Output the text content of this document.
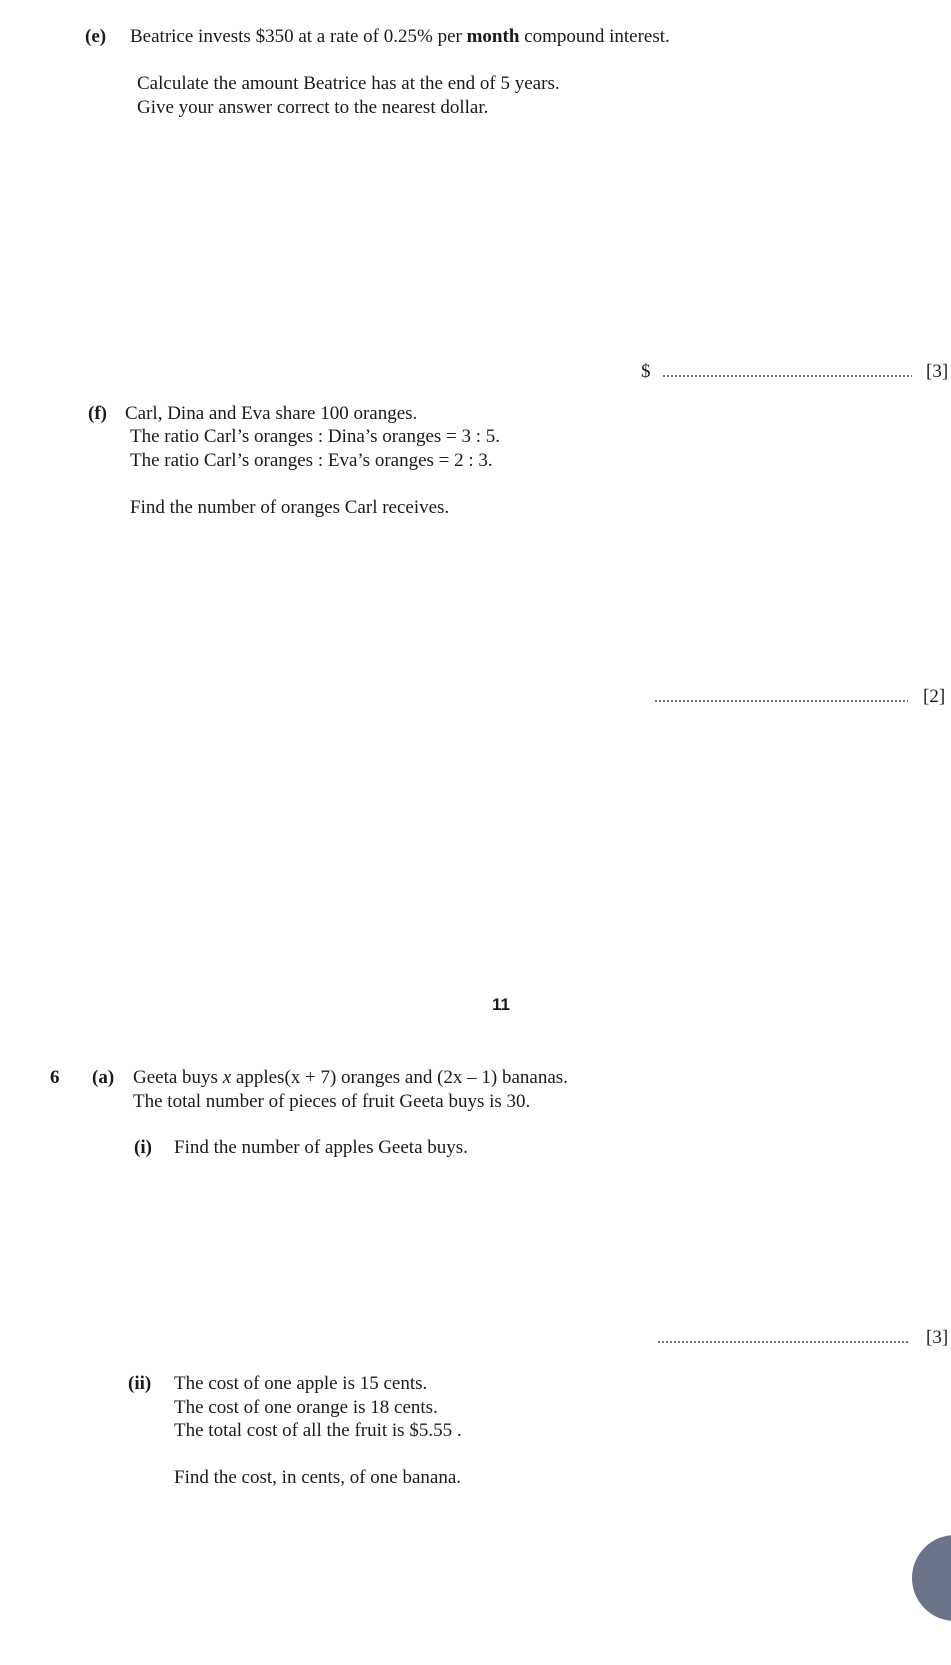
(e) Beatrice invests $350 at a rate of 0.25% per month compound interest.
Calculate the amount Beatrice has at the end of 5 years.
Give your answer correct to the nearest dollar.
$	[3]
(f) Carl, Dina and Eva share 100 oranges.
The ratio Carl’s oranges : Dina’s oranges = 3 : 5.
The ratio Carl’s oranges : Eva’s oranges = 2 : 3.
Find the number of oranges Carl receives.
[2]
11
6 (a) Geeta buys x apples(x + 7) oranges and (2x – 1) bananas.
The total number of pieces of fruit Geeta buys is 30.
(i) Find the number of apples Geeta buys.
[3]
(ii) The cost of one apple is 15 cents.
The cost of one orange is 18 cents.
The total cost of all the fruit is $5.55 .
Find the cost, in cents, of one banana.
